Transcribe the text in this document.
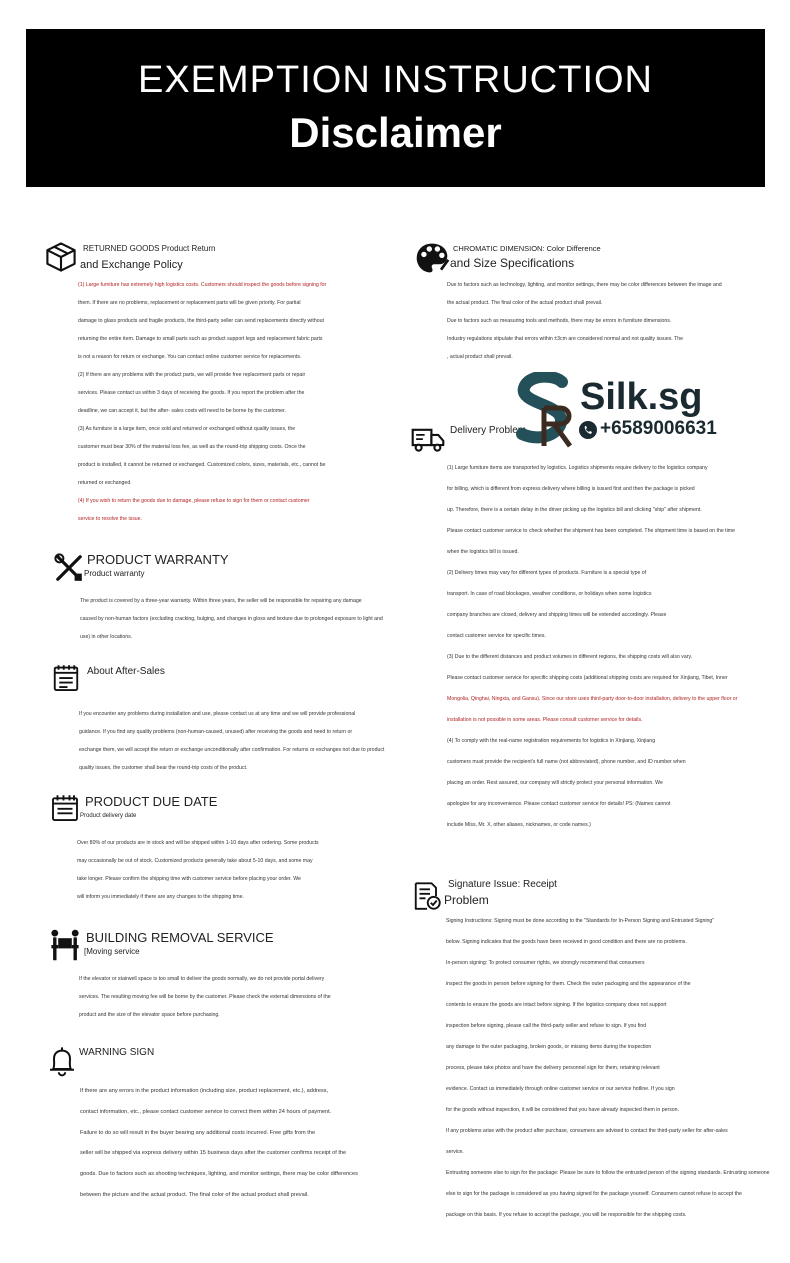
EXEMPTION INSTRUCTION
Disclaimer
RETURNED GOODS Product Return
and Exchange Policy
(1) Large furniture has extremely high logistics costs. Customers should inspect the goods before signing for
them. If there are no problems, replacement or replacement parts will be given priority. For partial
damage to glass products and fragile products, the third-party seller can send replacements directly without
returning the entire item. Damage to small parts such as product support legs and replacement fabric parts
is not a reason for return or exchange. You can contact online customer service for replacements.
(2) If there are any problems with the product parts, we will provide free replacement parts or repair
services. Please contact us within 3 days of receiving the goods. If you report the problem after the
deadline, we can accept it, but the after- sales costs will need to be borne by the customer.
(3) As furniture is a large item, once sold and returned or exchanged without quality issues, the
customer must bear 30% of the material loss fee, as well as the round-trip shipping costs. Once the
product is installed, it cannot be returned or exchanged. Customized colors, sizes, materials, etc., cannot be
returned or exchanged.
(4) If you wish to return the goods due to damage, please refuse to sign for them or contact customer
service to resolve the issue.
PRODUCT WARRANTY
Product warranty
The product is covered by a three-year warranty. Within three years, the seller will be responsible for repairing any damage
caused by non-human factors (excluding cracking, bulging, and changes in gloss and texture due to prolonged exposure to light and
use) in other locations.
About After-Sales
If you encounter any problems during installation and use, please contact us at any time and we will provide professional
guidance. If you find any quality problems (non-human-caused, unused) after receiving the goods and need to return or
exchange them, we will accept the return or exchange unconditionally after confirmation. For returns or exchanges not due to product
quality issues, the customer shall bear the round-trip costs of the product.
PRODUCT DUE DATE
Product delivery date
Over 80% of our products are in stock and will be shipped within 1-10 days after ordering. Some products
may occasionally be out of stock. Customized products generally take about 5-10 days, and some may
take longer. Please confirm the shipping time with customer service before placing your order. We
will inform you immediately if there are any changes to the shipping time.
BUILDING REMOVAL SERVICE
[Moving service
If the elevator or stairwell space is too small to deliver the goods normally, we do not provide portal delivery
services. The resulting moving fee will be borne by the customer. Please check the external dimensions of the
product and the size of the elevator space before purchasing.
WARNING SIGN
If there are any errors in the product information (including size, product replacement, etc.), address,
contact information, etc., please contact customer service to correct them within 24 hours of payment.
Failure to do so will result in the buyer bearing any additional costs incurred. Free gifts from the
seller will be shipped via express delivery within 15 business days after the customer confirms receipt of the
goods. Due to factors such as shooting techniques, lighting, and monitor settings, there may be color differences
between the picture and the actual product. The final color of the actual product shall prevail.
CHROMATIC DIMENSION: Color Difference
and Size Specifications
Due to factors such as technology, lighting, and monitor settings, there may be color differences between the image and
the actual product. The final color of the actual product shall prevail.
Due to factors such as measuring tools and methods, there may be errors in furniture dimensions.
Industry regulations stipulate that errors within ±3cm are considered normal and not quality issues. The
, actual product shall prevail.
Delivery Problem
(1) Large furniture items are transported by logistics. Logistics shipments require delivery to the logistics company
for billing, which is different from express delivery where billing is issued first and then the package is picked
up. Therefore, there is a certain delay in the driver picking up the logistics bill and clicking "ship" after shipment.
Please contact customer service to check whether the shipment has been completed. The shipment time is based on the time
when the logistics bill is issued.
(2) Delivery times may vary for different types of products. Furniture is a special type of
transport. In case of road blockages, weather conditions, or holidays when some logistics
company branches are closed, delivery and shipping times will be extended accordingly. Please
contact customer service for specific times.
(3) Due to the different distances and product volumes in different regions, the shipping costs will also vary.
Please contact customer service for specific shipping costs (additional shipping costs are required for Xinjiang, Tibet, Inner
Mongolia, Qinghai, Ningxia, and Gansu). Since our store uses third-party door-to-door installation, delivery to the upper floor or
installation is not possible in some areas. Please consult customer service for details.
(4) To comply with the real-name registration requirements for logistics in Xinjiang, Xinjiang
customers must provide the recipient's full name (not abbreviated), phone number, and ID number when
placing an order. Rest assured, our company will strictly protect your personal information. We
apologize for any inconvenience. Please contact customer service for details! PS: (Names cannot
include Miss, Mr. X, other aliases, nicknames, or code names.)
Signature Issue: Receipt
Problem
Signing Instructions: Signing must be done according to the "Standards for In-Person Signing and Entrusted Signing"
below. Signing indicates that the goods have been received in good condition and there are no problems.
In-person signing: To protect consumer rights, we strongly recommend that consumers
inspect the goods in person before signing for them. Check the outer packaging and the appearance of the
contents to ensure the goods are intact before signing. If the logistics company does not support
inspection before signing, please call the third-party seller and refuse to sign. If you find
any damage to the outer packaging, broken goods, or missing items during the inspection
process, please take photos and have the delivery personnel sign for them, retaining relevant
evidence. Contact us immediately through online customer service or our service hotline. If you sign
for the goods without inspection, it will be considered that you have already inspected them in person.
If any problems arise with the product after purchase, consumers are advised to contact the third-party seller for after-sales
service.
Entrusting someone else to sign for the package: Please be sure to follow the entrusted person of the signing standards. Entrusting someone
else to sign for the package is considered as you having signed for the package yourself. Consumers cannot refuse to accept the
package on this basis. If you refuse to accept the package, you will be responsible for the shipping costs.
Silk.sg
+6589006631
